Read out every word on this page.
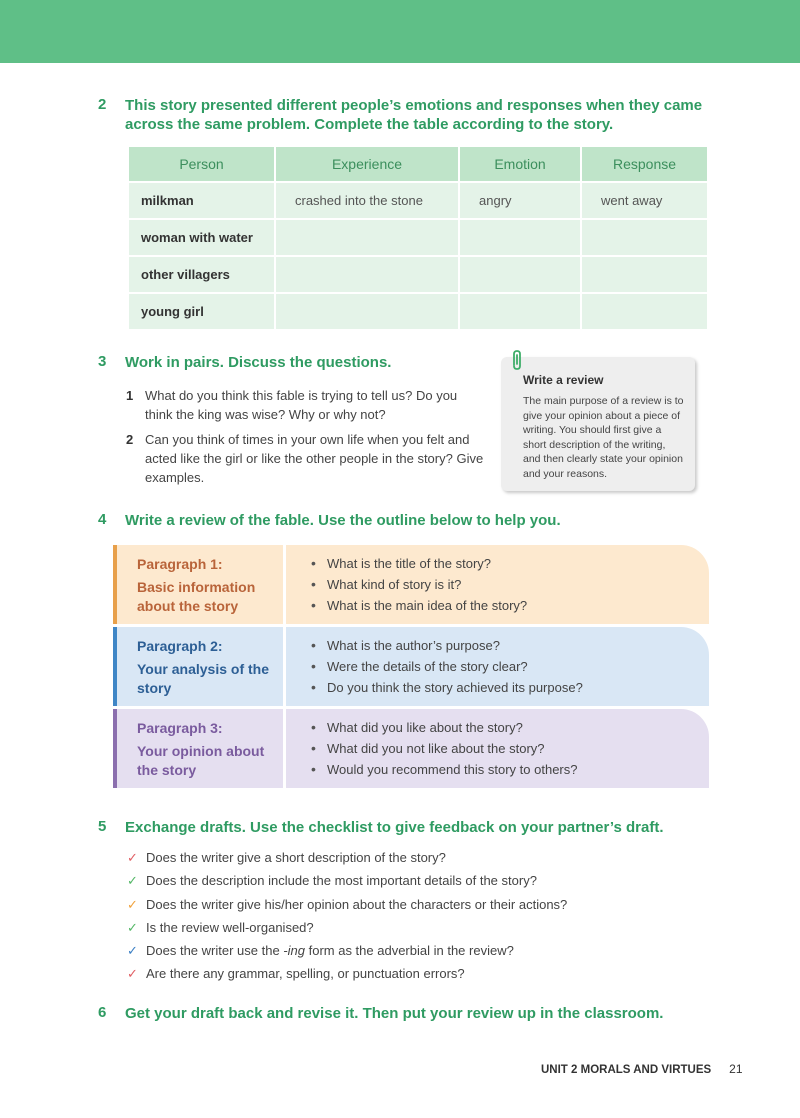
2	This story presented different people’s emotions and responses when they came
across the same problem. Complete the table according to the story.
Person	Experience	Emotion	Response
milkman	crashed into the stone	angry	went away
woman with water			
other villagers			
young girl			
3	Work in pairs. Discuss the questions.
1 What do you think this fable is trying to tell us? Do you think the king was wise? Why or why not?
2 Can you think of times in your own life when you felt and acted like the girl or like the other people in the story? Give examples.
Write a review
The main purpose of a review is to give your opinion about a piece of writing. You should first give a short description of the writing, and then clearly state your opinion and your reasons.
4	Write a review of the fable. Use the outline below to help you.
Paragraph 1:
Basic information about the story
• What is the title of the story?
• What kind of story is it?
• What is the main idea of the story?
Paragraph 2:
Your analysis of the story
• What is the author’s purpose?
• Were the details of the story clear?
• Do you think the story achieved its purpose?
Paragraph 3:
Your opinion about the story
• What did you like about the story?
• What did you not like about the story?
• Would you recommend this story to others?
5	Exchange drafts. Use the checklist to give feedback on your partner’s draft.
✓ Does the writer give a short description of the story?
✓ Does the description include the most important details of the story?
✓ Does the writer give his/her opinion about the characters or their actions?
✓ Is the review well-organised?
✓ Does the writer use the -ing form as the adverbial in the review?
✓ Are there any grammar, spelling, or punctuation errors?
6	Get your draft back and revise it. Then put your review up in the classroom.
UNIT 2 MORALS AND VIRTUES 21
